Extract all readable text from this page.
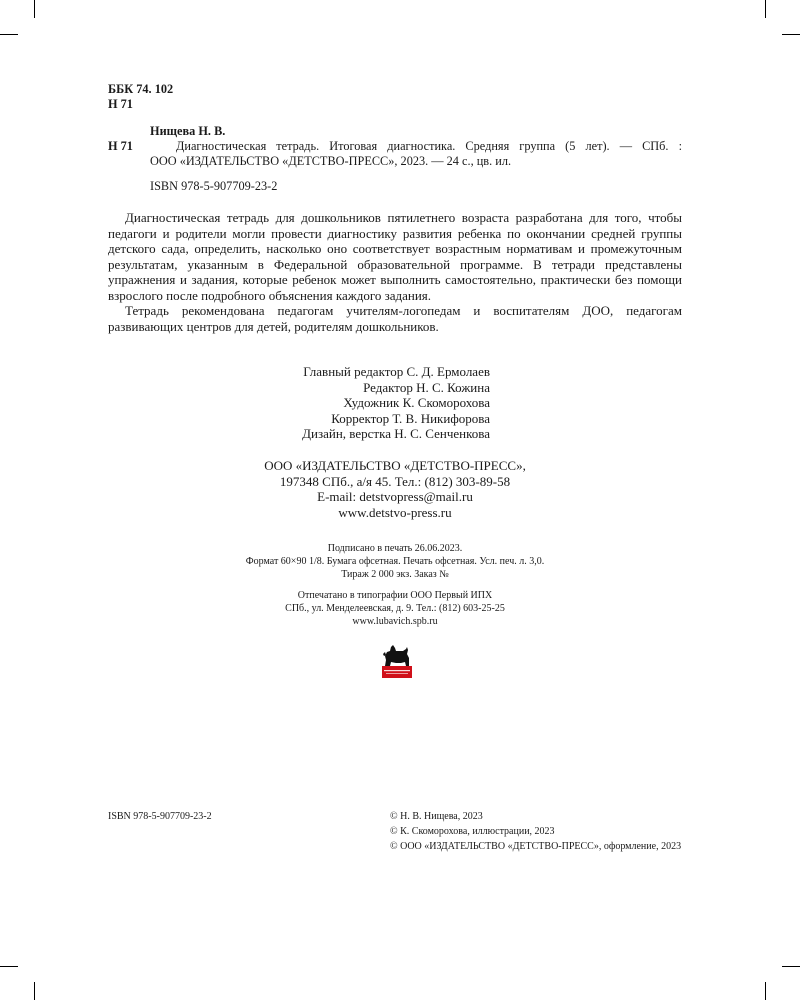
ББК 74. 102
Н 71
Нищева Н. В.
Н 71	Диагностическая тетрадь. Итоговая диагностика. Средняя группа (5 лет). — СПб. :
ООО «ИЗДАТЕЛЬСТВО «ДЕТСТВО-ПРЕСС», 2023. — 24 с., цв. ил.
ISBN 978-5-907709-23-2

Диагностическая тетрадь для дошкольников пятилетнего возраста разработана для того, чтобы педагоги и родители могли провести диагностику развития ребенка по окончании средней группы детского сада, определить, насколько оно соответствует возрастным нормативам и промежуточным результатам, указанным в Федеральной образовательной программе. В тетради представлены упражнения и задания, которые ребенок может выполнить самостоятельно, практически без помощи взрослого после подробного объяснения каждого задания.

Тетрадь рекомендована педагогам учителям-логопедам и воспитателям ДОО, педагогам развивающих центров для детей, родителям дошкольников.

Главный редактор С. Д. Ермолаев
Редактор Н. С. Кожина
Художник К. Скоморохова
Корректор Т. В. Никифорова
Дизайн, верстка Н. С. Сенченкова
ООО «ИЗДАТЕЛЬСТВО «ДЕТСТВО-ПРЕСС»,
197348 СПб., а/я 45. Тел.: (812) 303-89-58
E-mail: detstvopress@mail.ru
www.detstvo-press.ru
Подписано в печать 26.06.2023.
Формат 60×90 1/8. Бумага офсетная. Печать офсетная. Усл. печ. л. 3,0.
Тираж 2 000 экз. Заказ №
Отпечатано в типографии ООО Первый ИПХ
СПб., ул. Менделеевская, д. 9. Тел.: (812) 603-25-25
www.lubavich.spb.ru
ISBN 978-5-907709-23-2	© Н. В. Нищева, 2023
© К. Скоморохова, иллюстрации, 2023
© ООО «ИЗДАТЕЛЬСТВО «ДЕТСТВО-ПРЕСС», оформление, 2023
